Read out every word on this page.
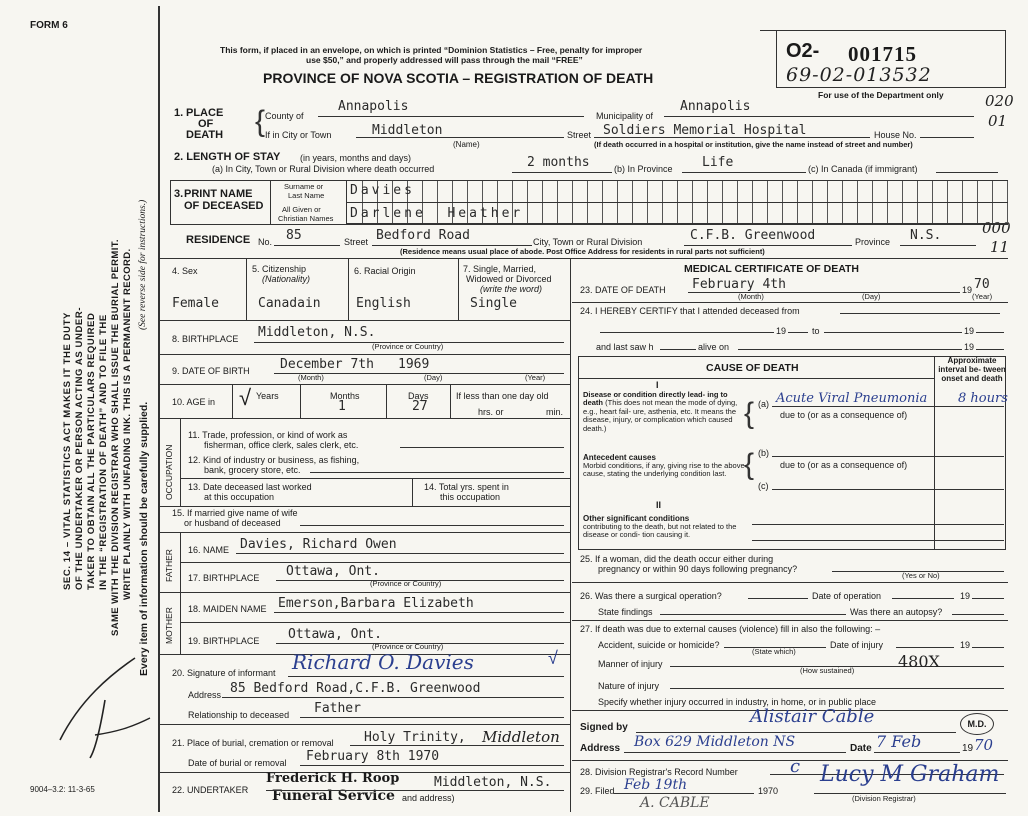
FORM 6
SEC. 14 – VITAL STATISTICS ACT MAKES IT THE DUTY OF THE UNDERTAKER OR PERSON ACTING AS UNDER- TAKER TO OBTAIN ALL THE PARTICULARS REQUIRED IN THE “REGISTRATION OF DEATH” AND TO FILE THE SAME WITH THE DIVISION REGISTRAR WHO SHALL ISSUE THE BURIAL PERMIT. WRITE PLAINLY WITH UNFADING INK. THIS IS A PERMANENT RECORD. Every item of information should be carefully supplied.
(See reverse side for instructions.)
9004–3.2: 11-3-65
This form, if placed in an envelope, on which is printed “Dominion Statistics – Free, penalty for improper
use $50,” and properly addressed will pass through the mail “FREE”
PROVINCE OF NOVA SCOTIA – REGISTRATION OF DEATH
O2- 001715
69-02-013532
For use of the Department only	020
01
000
11
1. PLACE
OF
DEATH { County of
Annapolis
Municipality of
Annapolis
If in City or Town	Middleton	Street Soldiers Memorial Hospital	House No.
(Name)	(If death occurred in a hospital or institution, give the name instead of street and number)
2. LENGTH OF STAY (in years, months and days)
(a) In City, Town or Rural Division where death occurred	2 months	(b) In Province Life	(c) In Canada (if immigrant)
3. PRINT NAME
OF DECEASED
Surname or
Last Name
All Given or
Christian Names
Davies
Darlene  Heather
RESIDENCE No. 85	Street Bedford Road	City, Town or Rural Division	C.F.B. Greenwood	Province N.S.
(Residence means usual place of abode. Post Office Address for residents in rural parts not sufficient)
4. Sex
Female
5. Citizenship
(Nationality)
Canadain
6. Racial Origin
English
7. Single, Married,
Widowed or Divorced
(write the word)
Single
8. BIRTHPLACE Middleton, N.S.
(Province or Country)
9. DATE OF BIRTH December 7th 1969
(Month)	(Day)	(Year)
10. AGE in √ Years	Months
1
Days
27
If less than one day old
hrs. or	min.
OCCUPATION
11. Trade, profession, or kind of work as
fisherman, office clerk, sales clerk, etc.
12. Kind of industry or business, as fishing,
bank, grocery store, etc.
13. Date deceased last worked
at this occupation
14. Total yrs. spent in
this occupation
15. If married give name of wife
or husband of deceased
FATHER 16. NAME Davies, Richard Owen
17. BIRTHPLACE Ottawa, Ont.
(Province or Country)
MOTHER 18. MAIDEN NAME Emerson,Barbara Elizabeth
19. BIRTHPLACE Ottawa, Ont.
(Province or Country)
20. Signature of informant Richard O. Davies	√
Address 85 Bedford Road,C.F.B. Greenwood
Relationship to deceased Father
21. Place of burial, cremation or removal Holy Trinity, Middleton
Date of burial or removal February 8th 1970
22. UNDERTAKER
Frederick H. Roop
Funeral Service
Middleton, N.S.
and address)
MEDICAL CERTIFICATE OF DEATH
23. DATE OF DEATH February 4th	19 70
(Month)	(Day)	(Year)
24. I HEREBY CERTIFY that I attended deceased from
19	to	19
and last saw h	alive on	19
CAUSE OF DEATH
Approximate interval be- tween onset and death
I
Disease or condition directly lead- ing to death (This does not mean the mode of dying, e.g., heart fail- ure, asthenia, etc. It means the disease, injury, or complication which caused death.)	{ (a) Acute Viral Pneumonia 8 hours
due to (or as a consequence of)
Antecedent causes
Morbid conditions, if any, giving rise to the above cause, stating the underlying condition last. { (b)
due to (or as a consequence of)
(c)
II
Other significant conditions
contributing to the death, but not related to the disease or condi- tion causing it.
25. If a woman, did the death occur either during
pregnancy or within 90 days following pregnancy?
(Yes or No)
26. Was there a surgical operation?	Date of operation	19
State findings	Was there an autopsy?
27. If death was due to external causes (violence) fill in also the following: –
Accident, suicide or homicide?	Date of injury	19
(State which)
Manner of injury	480X
(How sustained)
Nature of injury
Specify whether injury occurred in industry, in home, or in public place
Signed by
Alistair Cable	M.D.
Address Box 629 Middleton NS	Date 7 Feb	19 70
28. Division Registrar's Record Number	c
29. Filed Feb 19th	1970
Lucy M Graham
(Division Registrar)
A. CABLE
